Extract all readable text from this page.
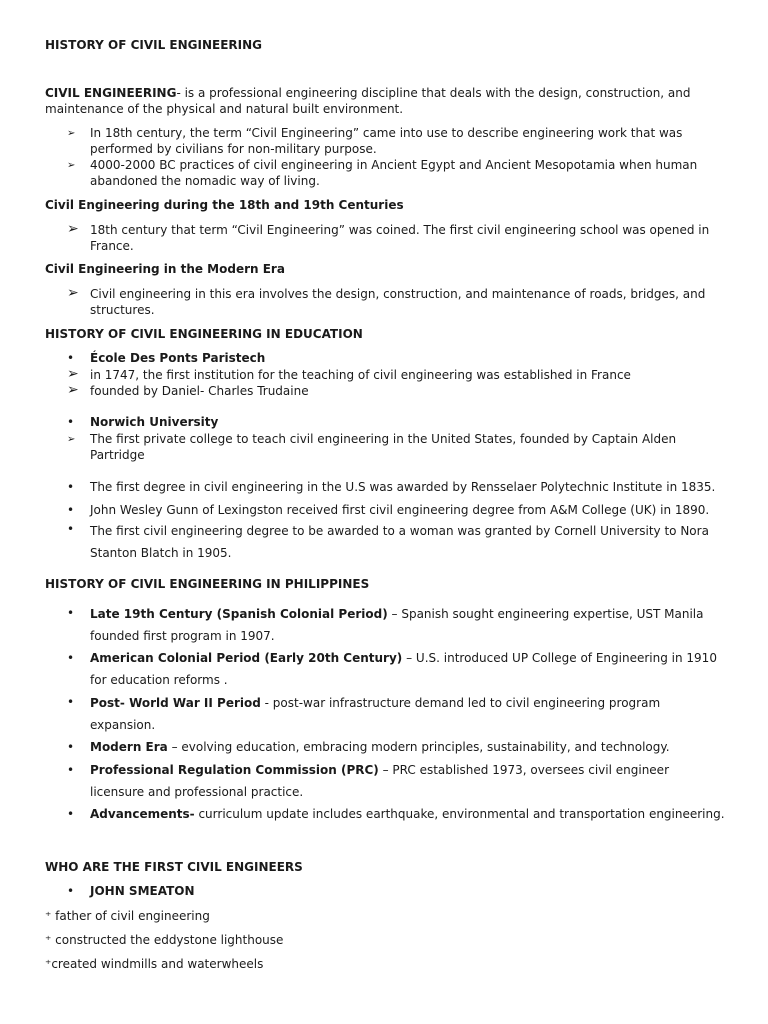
HISTORY OF CIVIL ENGINEERING
CIVIL ENGINEERING- is a professional engineering discipline that deals with the design, construction, and maintenance of the physical and natural built environment.
➢	In 18th century, the term “Civil Engineering” came into use to describe engineering work that was performed by civilians for non-military purpose.
➢	4000-2000 BC practices of civil engineering in Ancient Egypt and Ancient Mesopotamia when human abandoned the nomadic way of living.
Civil Engineering during the 18th and 19th Centuries
➢ 18th century that term “Civil Engineering” was coined. The first civil engineering school was opened in France.
Civil Engineering in the Modern Era
➢ Civil engineering in this era involves the design, construction, and maintenance of roads, bridges, and structures.
HISTORY OF CIVIL ENGINEERING IN EDUCATION
•	École Des Ponts Paristech
➢ in 1747, the first institution for the teaching of civil engineering was established in France
➢ founded by Daniel- Charles Trudaine
•	Norwich University
➢	The first private college to teach civil engineering in the United States, founded by Captain Alden Partridge
•	The first degree in civil engineering in the U.S was awarded by Rensselaer Polytechnic Institute in 1835.
•	John Wesley Gunn of Lexingston received first civil engineering degree from A&M College (UK) in 1890.
•	The first civil engineering degree to be awarded to a woman was granted by Cornell University to Nora Stanton Blatch in 1905.
HISTORY OF CIVIL ENGINEERING IN PHILIPPINES
•	Late 19th Century (Spanish Colonial Period) – Spanish sought engineering expertise, UST Manila founded first program in 1907.
•	American Colonial Period (Early 20th Century) – U.S. introduced UP College of Engineering in 1910 for education reforms .
•	Post- World War II Period - post-war infrastructure demand led to civil engineering program expansion.
•	Modern Era – evolving education, embracing modern principles, sustainability, and technology.
•	Professional Regulation Commission (PRC) – PRC established 1973, oversees civil engineer licensure and professional practice.
•	Advancements- curriculum update includes earthquake, environmental and transportation engineering.
WHO ARE THE FIRST CIVIL ENGINEERS
•	JOHN SMEATON
⁺ father of civil engineering
⁺ constructed the eddystone lighthouse
⁺created windmills and waterwheels
